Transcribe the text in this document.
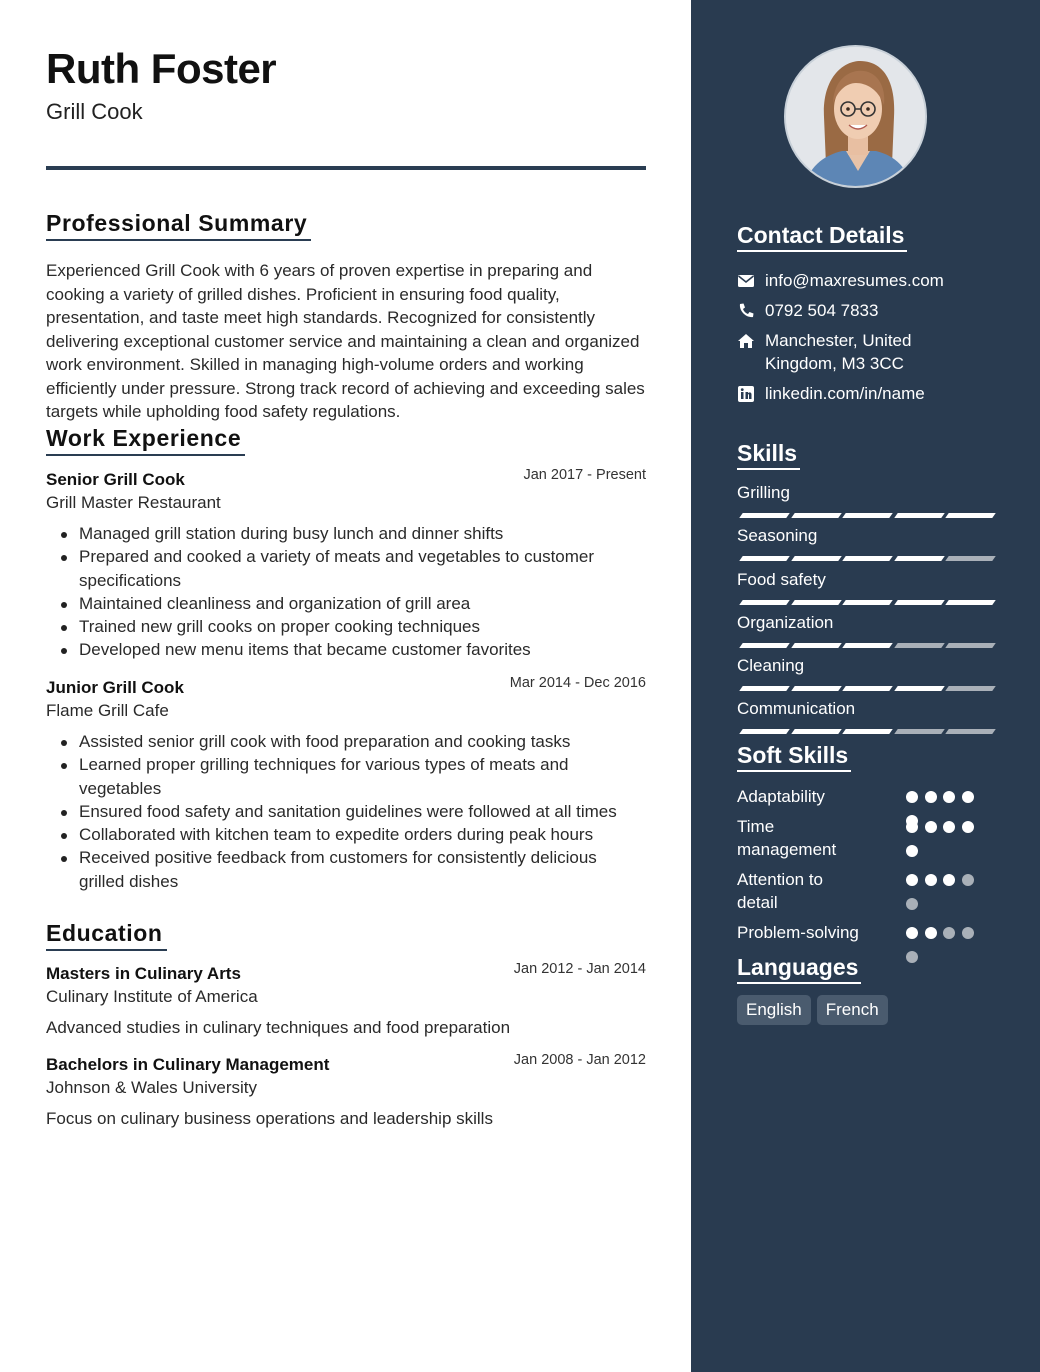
Ruth Foster
Grill Cook
Professional Summary

Experienced Grill Cook with 6 years of proven expertise in preparing and cooking a variety of grilled dishes. Proficient in ensuring food quality, presentation, and taste meet high standards. Recognized for consistently delivering exceptional customer service and maintaining a clean and organized work environment. Skilled in managing high-volume orders and working efficiently under pressure. Strong track record of achieving and exceeding sales targets while upholding food safety regulations.

Work Experience
Senior Grill Cook	Jan 2017 - Present
Grill Master Restaurant
Managed grill station during busy lunch and dinner shifts
Prepared and cooked a variety of meats and vegetables to customer specifications
Maintained cleanliness and organization of grill area
Trained new grill cooks on proper cooking techniques
Developed new menu items that became customer favorites
Junior Grill Cook	Mar 2014 - Dec 2016
Flame Grill Cafe
Assisted senior grill cook with food preparation and cooking tasks
Learned proper grilling techniques for various types of meats and vegetables
Ensured food safety and sanitation guidelines were followed at all times
Collaborated with kitchen team to expedite orders during peak hours
Received positive feedback from customers for consistently delicious grilled dishes
Education
Masters in Culinary Arts	Jan 2012 - Jan 2014
Culinary Institute of America
Advanced studies in culinary techniques and food preparation
Bachelors in Culinary Management	Jan 2008 - Jan 2012
Johnson & Wales University
Focus on culinary business operations and leadership skills
Contact Details
info@maxresumes.com
0792 504 7833
Manchester, United Kingdom, M3 3CC
linkedin.com/in/name
Skills
Grilling
Seasoning
Food safety
Organization
Cleaning
Communication
Soft Skills
Adaptability
Time management
Attention to detail
Problem-solving
Languages
English	French
